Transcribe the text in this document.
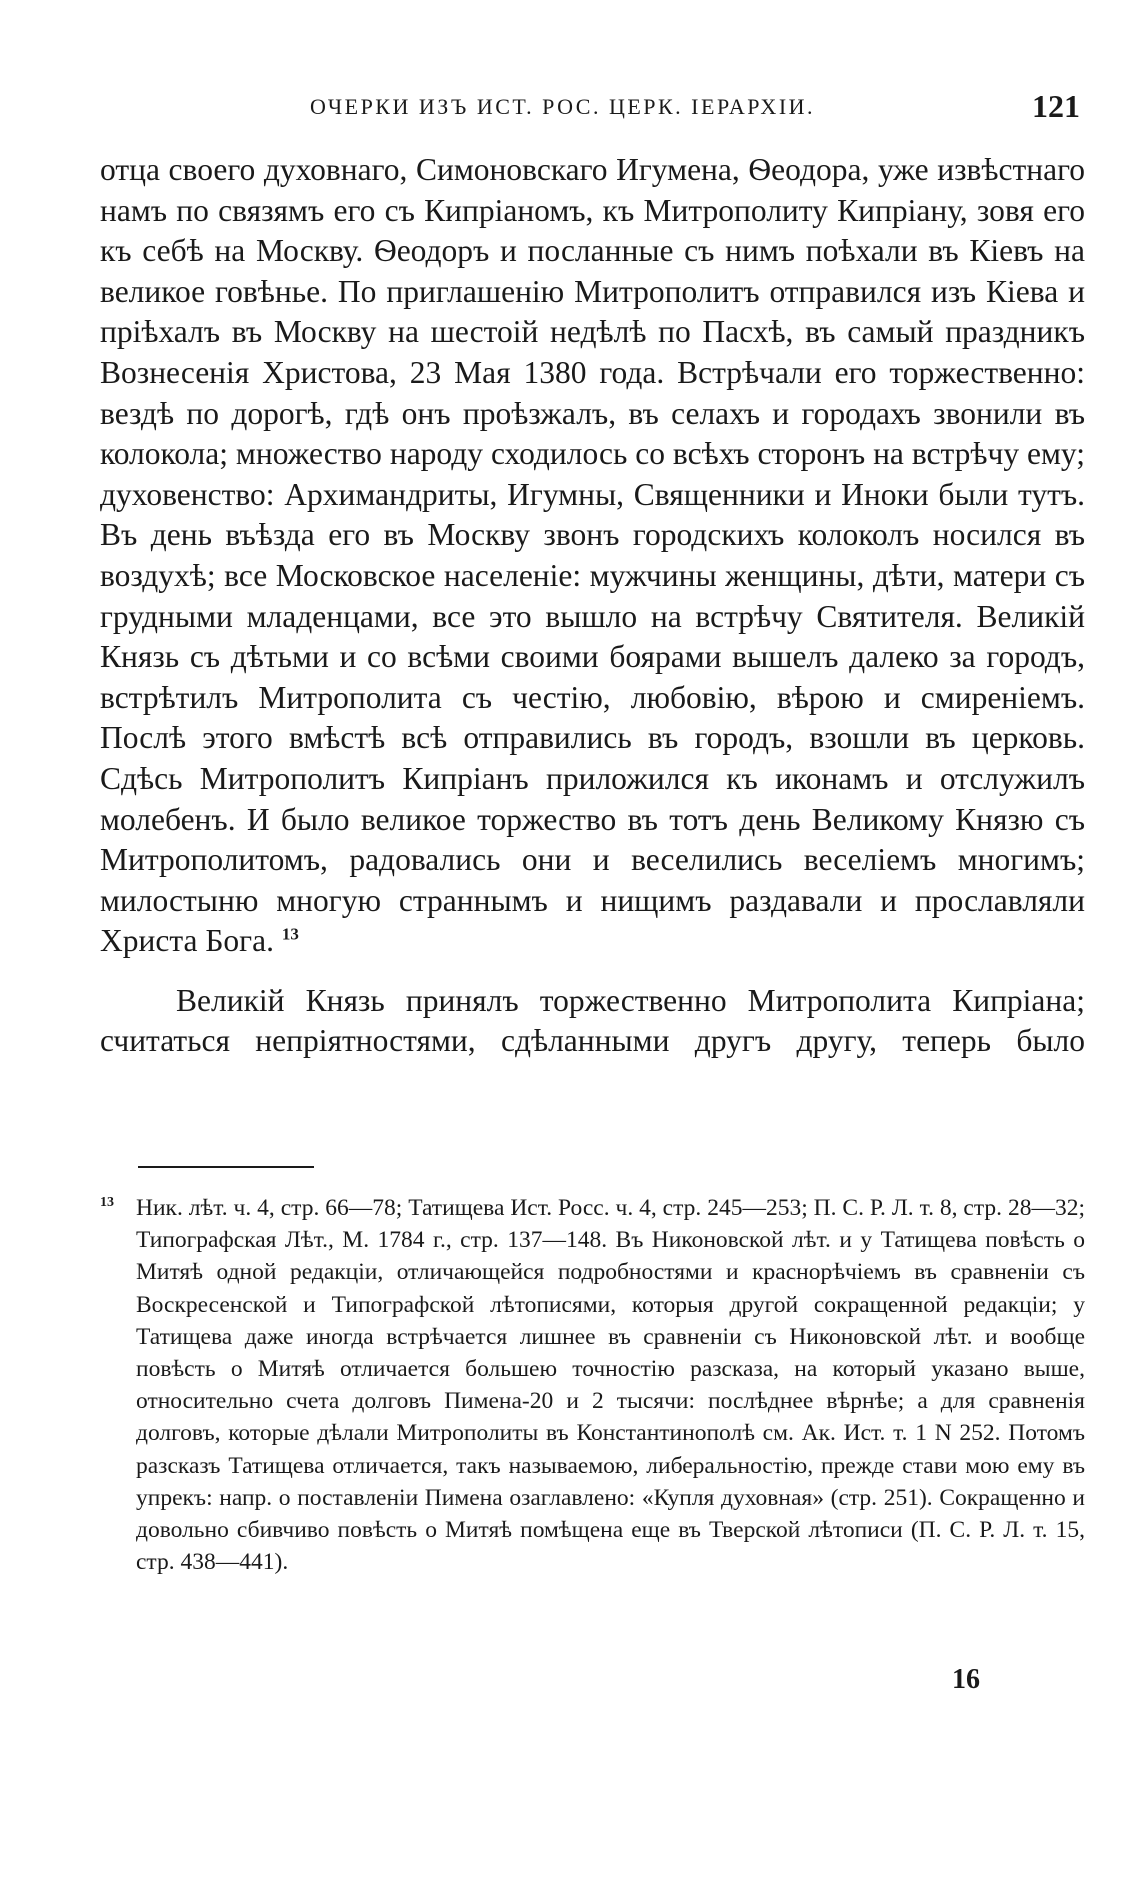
ОЧЕРКИ ИЗЪ ИСТ. РОС. ЦЕРК. ІЕРАРХІИ.	121

отца своего духовнаго, Симоновскаго Игумена, Ѳеодора, уже извѣстнаго намъ по связямъ его съ Кипріаномъ, къ Митрополиту Кипріану, зовя его къ себѣ на Москву. Ѳеодоръ и посланные съ нимъ поѣхали въ Кіевъ на великое говѣнье. По приглашенію Митрополитъ отправился изъ Кіева и пріѣхалъ въ Москву на шестоій недѣлѣ по Пасхѣ, въ самый праздникъ Вознесенія Христова, 23 Мая 1380 года. Встрѣчали его торжественно: вездѣ по дорогѣ, гдѣ онъ проѣзжалъ, въ селахъ и городахъ звонили въ колокола; множество народу сходилось со всѣхъ сторонъ на встрѣчу ему; духовенство: Архимандриты, Игумны, Священники и Иноки были тутъ. Въ день въѣзда его въ Москву звонъ городскихъ колоколъ носился въ воздухѣ; все Московское населеніе: мужчины женщины, дѣти, матери съ грудными младенцами, все это вышло на встрѣчу Святителя. Великій Князь съ дѣтьми и со всѣми своими боярами вышелъ далеко за городъ, встрѣтилъ Митрополита съ честію, любовію, вѣрою и смиреніемъ. Послѣ этого вмѣстѣ всѣ отправились въ городъ, взошли въ церковь. Сдѣсь Митрополитъ Кипріанъ приложился къ иконамъ и отслужилъ молебенъ. И было великое торжество въ тотъ день Великому Князю съ Митрополитомъ, радовались они и веселились веселіемъ многимъ; милостыню многую страннымъ и нищимъ раздавали и прославляли Христа Бога. $^{13}$

Великій Князь принялъ торжественно Митрополита Кипріана; считаться непріятностями, сдѣланными другъ другу, теперь было

13 Ник. лѣт. ч. 4, стр. 66—78; Татищева Ист. Росс. ч. 4, стр. 245—253; П. С. Р. Л. т. 8, стр. 28—32; Типографская Лѣт., М. 1784 г., стр. 137—148. Въ Никоновской лѣт. и у Татищева повѣсть о Митяѣ одной редакціи, отличающейся подробностями и краснорѣчіемъ въ сравненіи съ Воскресенской и Типографской лѣтописями, которыя другой сокращенной редакціи; у Татищева даже иногда встрѣчается лишнее въ сравненіи съ Никоновской лѣт. и вообще повѣсть о Митяѣ отличается большею точностію разсказа, на который указано выше, относительно счета долговъ Пимена-20 и 2 тысячи: послѣднее вѣрнѣе; а для сравненія долговъ, которые дѣлали Митрополиты въ Константинополѣ см. Ак. Ист. т. 1 N 252. Потомъ разсказъ Татищева отличается, такъ называемою, либеральностію, прежде стави мою ему въ упрекъ: напр. о поставленіи Пимена озаглавлено: «Купля духовная» (стр. 251). Сокращенно и довольно сбивчиво повѣсть о Митяѣ помѣщена еще въ Тверской лѣтописи (П. С. Р. Л. т. 15, стр. 438—441).

16
